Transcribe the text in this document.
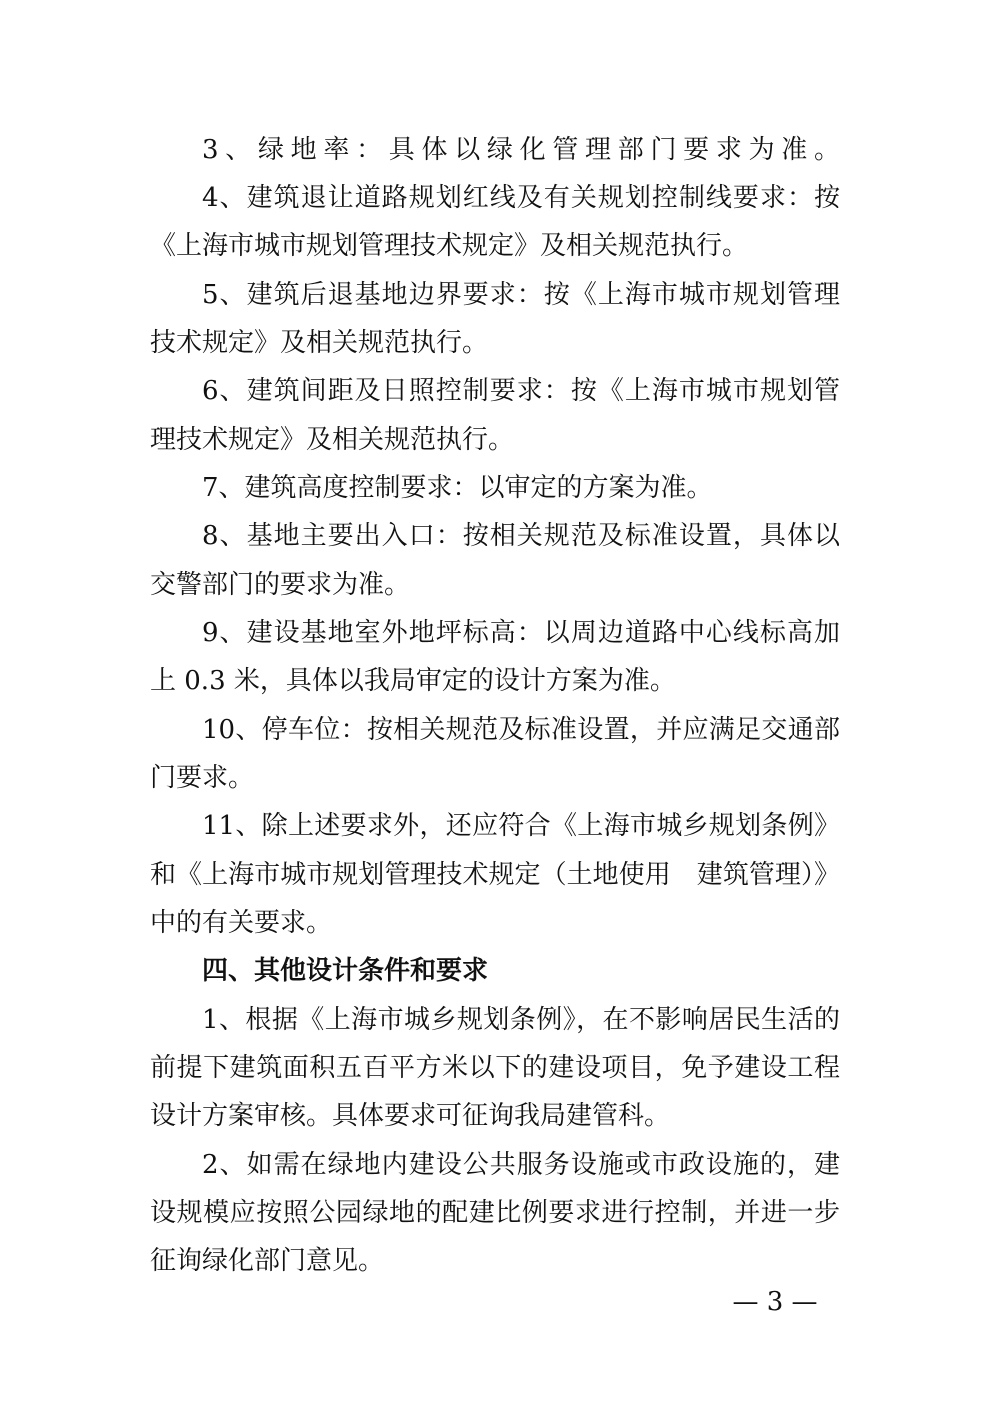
3、绿地率：具体以绿化管理部门要求为准。
4、建筑退让道路规划红线及有关规划控制线要求：按
《上海市城市规划管理技术规定》及相关规范执行。
5、建筑后退基地边界要求：按《上海市城市规划管理
技术规定》及相关规范执行。
6、建筑间距及日照控制要求：按《上海市城市规划管
理技术规定》及相关规范执行。
7、建筑高度控制要求：以审定的方案为准。
8、基地主要出入口：按相关规范及标准设置，具体以
交警部门的要求为准。
9、建设基地室外地坪标高：以周边道路中心线标高加
上 0.3 米，具体以我局审定的设计方案为准。
10、停车位：按相关规范及标准设置，并应满足交通部
门要求。
11、除上述要求外，还应符合《上海市城乡规划条例》
和《上海市城市规划管理技术规定（土地使用　建筑管理）》
中的有关要求。
四、其他设计条件和要求
1、根据《上海市城乡规划条例》，在不影响居民生活的
前提下建筑面积五百平方米以下的建设项目，免予建设工程
设计方案审核。具体要求可征询我局建管科。
2、如需在绿地内建设公共服务设施或市政设施的，建
设规模应按照公园绿地的配建比例要求进行控制，并进一步
征询绿化部门意见。
— 3 —
